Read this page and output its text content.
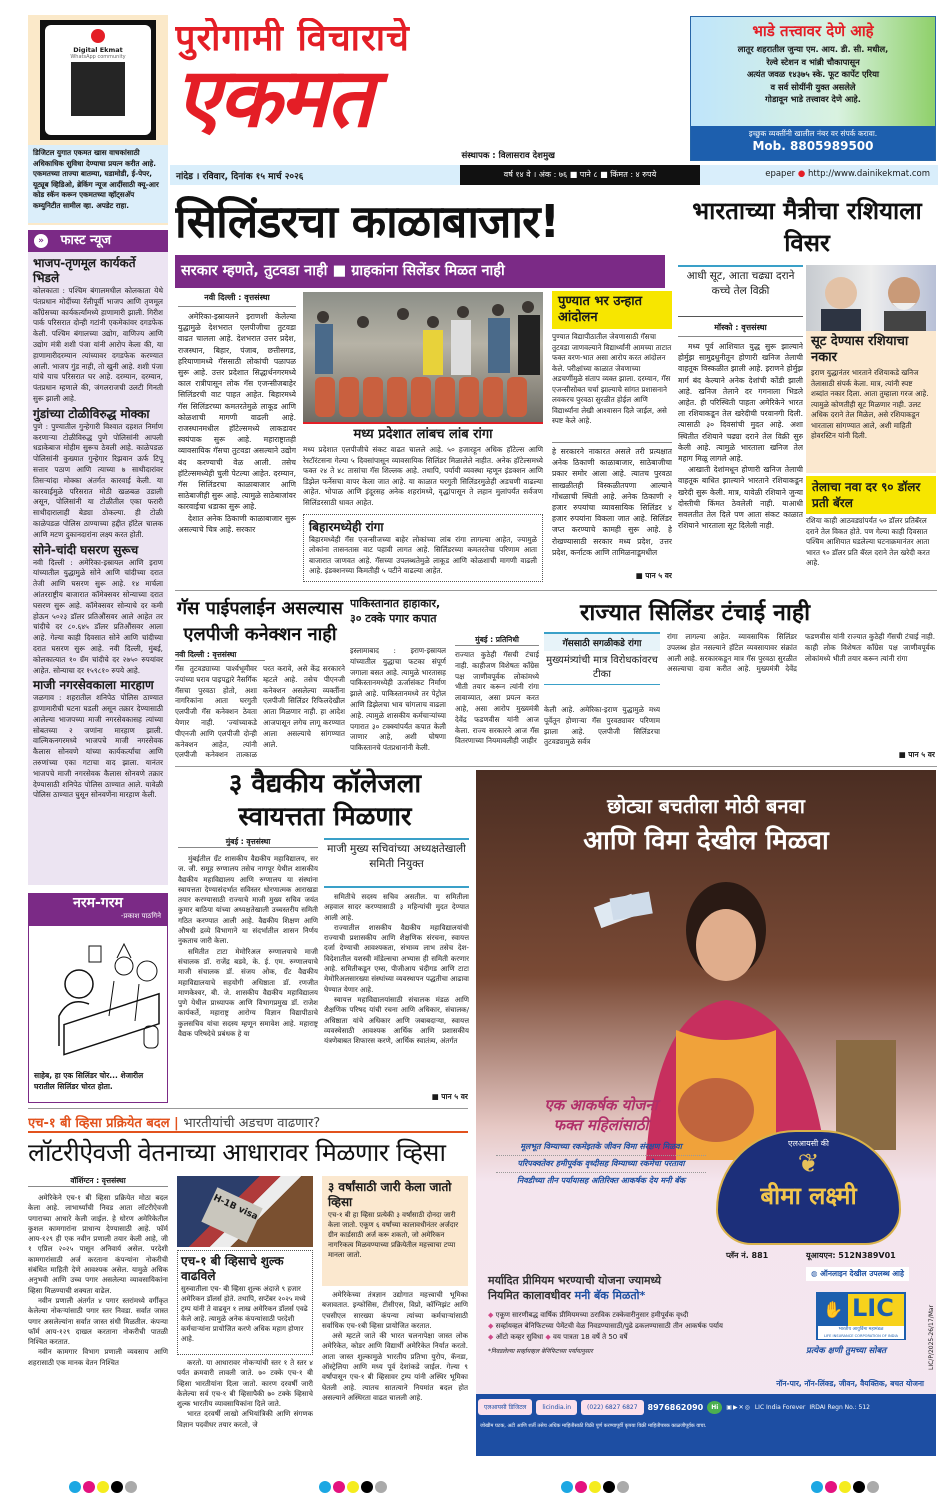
Digital Ekmat
WhatsApp community
डिजिटल युगात एकमत खास वाचकांसाठी अधिकाधिक सुविधा देण्याचा प्रयत्न करीत आहे. एकमतच्या ताज्या बातम्या, घडामोडी, ई-पेपर, यूट्यूब व्हिडिओ, ब्रेकिंग न्यूज आदींसाठी क्यू-आर कोड स्कॅन करून एकमतच्या व्हॉट्सअ‍ॅप कम्युनिटीत सामील व्हा. अपडेट राहा.
पुरोगामी विचाराचे
एकमत
संस्थापक : विलासराव देशमुख
भाडे तत्त्वावर देणे आहे
लातूर शहरातील जुन्या एम. आय. डी. सी. मधील,
रेल्वे स्टेशन व भांब्री चौकापासून
अत्यंत जवळ १४३७५ स्के. फूट कार्पेट एरिया
व सर्व सोयींनी युक्त असलेले
गोडावून भाडे तत्त्वावर देणे आहे.
इच्छुक व्यक्तींनी खालील नंबर वर संपर्क करावा.
Mob. 8805989500
नांदेड । रविवार, दिनांक १५ मार्च २०२६	वर्ष १४ वे । अंक : ७६ ■ पाने ८ ■ किंमत : ४ रुपये	epaper ● http://www.dainikekmat.com
» फास्ट न्यूज
भाजप-तृणमूल कार्यकर्ते भिडले
कोलकाता : पश्चिम बंगालमधील कोलकाता येथे पंतप्रधान मोदींच्या रॅलीपूर्वी भाजप आणि तृणमूल काँग्रेसच्या कार्यकर्त्यांमध्ये हाणामारी झाली. गिरीश पार्क परिसरात दोन्ही गटांनी एकमेकांवर दगडफेक केली. पश्चिम बंगालच्या उद्योग, वाणिज्य आणि उद्योग मंत्री शशी पंजा यांनी आरोप केला की, या हाणामारीदरम्यान त्यांच्यावर दगडफेक करण्यात आली. भाजप गुंड नाही, तो खुनी आहे. शशी पंजा यांचे याच परिसरात घर आहे. दरम्यान, दरम्यान, पंतप्रधान म्हणाले की, जंगलराजची उलटी गिनती सुरू झाली आहे.
गुंडांच्या टोळीविरुद्ध मोक्का
पुणे : पुण्यातील गुन्हेगारी विश्वात दहशत निर्माण करणाऱ्या टोळीविरुद्ध पुणे पोलिसांनी आपली धडाकेबाज मोहीम सुरूच ठेवली आहे. काळेपडळ पोलिसांनी कुख्यात गुन्हेगार रिझवान ऊर्फ टिपू सत्तार पठाण आणि त्याच्या ७ साथीदारांवर तिसऱ्यांदा मोक्का अंतर्गत कारवाई केली. या कारवाईमुळे परिसरात मोठी खळबळ उडाली असून, पोलिसांनी या टोळीतील एका फरारी साथीदारालाही बेड्या ठोकल्या. ही टोळी काळेपडळ पोलिस ठाण्याच्या हद्दीत हॉटेल चालक आणि मटण दुकानदारांना लक्ष्य करत होती.
सोने-चांदी घसरण सुरूच
नवी दिल्ली : अमेरिका-इस्रायल आणि इराण यांच्यातील युद्धामुळे सोने आणि चांदीच्या दरात तेजी आणि घसरण सुरू आहे. १४ मार्चला आंतरराष्ट्रीय बाजारात कॉमेक्सवर सोन्याच्या दरात घसरण सुरू आहे. कॉमेक्सवर सोन्याचे दर कमी होऊन ५०२३ डॉलर प्रतिऔंसवर आले आहेत तर चांदीचे दर ८०.६४५ डॉलर प्रतिऔंसवर आला आहे. गेल्या काही दिवसात सोने आणि चांदीच्या दरात घसरण सुरू आहे. नवी दिल्ली, मुंबई, कोलकात्यात १० ग्रॅम चांदीचे दर २७५० रुपयांवर आहेत. सोन्याचा दर १५९८१० रुपये आहे.
माजी नगरसेवकाला मारहाण
जळगाव : शहरातील शनिपेठ पोलिस ठाण्यात हाणामारीची घटना घडली असून तक्रार देण्यासाठी आलेल्या भाजपच्या माजी नगरसेवकासह त्यांच्या सोबतच्या २ जणांना मारहाण झाली. वाल्मिकनगरमध्ये भाजपचे माजी नगरसेवक कैलास सोनवणे यांच्या कार्यकर्त्यांचा आणि तरुणांच्या एका गटाचा वाद झाला. यानंतर भाजपचे माजी नगरसेवक कैलास सोनवणे तक्रार देण्यासाठी शनिपेठ पोलिस ठाण्यात आले. यावेळी पोलिस ठाण्यात घुसून सोनवणेंना मारहाण केली.
नरम-गरम
-प्रकाश पाठगिने
साहेब, हा एक सिलिंडर चोर... शेजारील घरातील सिलिंडर चोरत होता.
सिलिंडरचा काळाबाजार!
सरकार म्हणते, तुटवडा नाही ■ ग्राहकांना सिलेंडर मिळत नाही
नवी दिल्ली : वृत्तसंस्था

अमेरिका-इस्रायलने इराणशी केलेल्या युद्धामुळे देशभरात एलपीजीचा तुटवडा वाढत चालला आहे. देशभरात उत्तर प्रदेश, राजस्थान, बिहार, पंजाब, छत्तीसगड, हरियाणामध्ये गॅससाठी लोकांची पळापळ सुरू आहे. उत्तर प्रदेशात सिद्धार्थनगरमध्ये काल रात्रीपासून लोक गॅस एजन्सीजबाहेर सिलिंडरची वाट पाहत आहेत. बिहारमध्ये गॅस सिलिंडरच्या कमतरतेमुळे लाकूड आणि कोळशाची मागणी वाढली आहे. राजस्थानमधील हॉटेल्समध्ये लाकडावर स्वयंपाक सुरू आहे. महाराष्ट्रातही व्यावसायिक गॅसचा तुटवडा असल्याने उद्योग बंद करण्याची वेळ आली. तसेच हॉटेल्समध्येही चुली पेटल्या आहेत. दरम्यान, गॅस सिलिंडरचा काळाबाजार आणि साठेबाजीही सुरू आहे. त्यामुळे साठेबाजांवर कारवाईचा धडाका सुरू आहे.

देशात अनेक ठिकाणी काळाबाजार सुरू असल्याचे चित्र आहे. सरकार

मध्य प्रदेशात लांबच लांब रांगा
मध्य प्रदेशात एलपीजीचे संकट वाढत चालले आहे. ५० हजारहून अधिक हॉटेल्स आणि रेस्टॉरंटसना गेल्या ५ दिवसांपासून व्यावसायिक सिलिंडर मिळालेले नाहीत. अनेक हॉटेल्समध्ये फक्त २४ ते ४८ तासांचा गॅस शिल्लक आहे. तथापि, पर्यायी व्यवस्था म्हणून इंडक्शन आणि डिझेल फर्नेसचा वापर केला जात आहे. या काळात घरगुती सिलिंडरमुळेही अडचणी वाढल्या आहेत. भोपाळ आणि इंदूरसह अनेक शहरांमध्ये, वृद्धांपासून ते लहान मुलांपर्यंत सर्वजण सिलिंडरसाठी धावत आहेत.
बिहारमध्येही रांगा
बिहारमध्येही गॅस एजन्सीजच्या बाहेर लोकांच्या लांब रांगा लागल्या आहेत, ज्यामुळे लोकांना तासनतास वाट पहावी लागत आहे. सिलिंडरच्या कमतरतेचा परिणाम आता बाजारात जाणवत आहे. गॅसच्या उपलब्धतेमुळे लाकूड आणि कोळशाची मागणी वाढली आहे. इंडक्शनच्या किमतीही ५ पटीने वाढल्या आहेत.
पुण्यात भर उन्हात आंदोलन
पुण्यात विद्यापीठातील जेवणासाठी गॅसचा तुटवडा जाणवल्याने विद्यार्थ्यांनी आमच्या ताटात फक्त वरण-भात असा आरोप करत आंदोलन केले. परीक्षांच्या काळात जेवणाच्या अडचणींमुळे संताप व्यक्त झाला. दरम्यान, गॅस एजन्सीसोबत चर्चा झाल्याचे सांगत प्रशासनाने लवकरच पुरवठा सुरळीत होईल आणि विद्यार्थ्यांना लेखी आश्वासन दिले जाईल, असे स्पष्ट केले आहे.
हे सरकारने नाकारत असले तरी प्रत्यक्षात अनेक ठिकाणी काळाबाजार, साठेबाजीचा प्रकार समोर आला आहे. त्यातच पुरवठा साखळीतही विस्कळीतपणा आल्याने गोंधळाची स्थिती आहे. अनेक ठिकाणी २ हजार रुपयांचा व्यावसायिक सिलिंडर ४ हजार रुपयांना विकला जात आहे. सिलिंडर जप्त करण्याचे कामही सुरू आहे. हे रोखण्यासाठी सरकार मध्य प्रदेश, उत्तर प्रदेश, कर्नाटक आणि तामिळनाडूमधील
■ पान ५ वर
भारताच्या मैत्रीचा रशियाला विसर
आधी सूट, आता चढ्या दराने कच्चे तेल विक्री
मॉस्को : वृत्तसंस्था

मध्य पूर्व आशियात युद्ध सुरू झाल्याने होर्मुझ सामुद्रधुनीतून होणारी खनिज तेलाची वाहतूक विस्कळीत झाली आहे. इराणने होर्मुझ मार्ग बंद केल्याने अनेक देशांची कोंडी झाली आहे. खनिज तेलाने दर गगनाला भिडले आहेत. ही परिस्थिती पाहता अमेरिकेने भारत ला रशियाकडून तेल खरेदीची परवानगी दिली. त्यासाठी ३० दिवसांची मुदत आहे. अशा स्थितीत रशियाने चढ्या दराने तेल विक्री सुरु केली आहे. त्यामुळे भारताला खनिज तेल महाग मिळू लागले आहे.

आखाती देशांमधून होणारी खनिज तेलाची वाहतूक बाधित झाल्याने भारताने रशियाकडून खरेदी सुरू केली. मात्र, यावेळी रशियाने जुन्या दोस्तीची किंमत ठेवलेली नाही. याआधी सवलतीत तेल दिले पण आता संकट काळात रशियाने भारताला सूट दिलेली नाही.

सूट देण्यास रशियाचा नकार
इराण युद्धानंतर भारताने रशियाकडे खनिज तेलासाठी संपर्क केला. मात्र, त्यांनी स्पष्ट शब्दांत नकार दिला. आता तुम्हाला गरज आहे. त्यामुळे कोणतीही सूट मिळणार नाही. उलट अधिक दराने तेल मिळेल, असे रशियाकडून भारताला सांगण्यात आले, अशी माहिती होवरस्टिन यांनी दिली.
तेलाचा नवा दर ९० डॉलर प्रती बॅरल
रशिया काही आठवड्यांपर्यंत ५० डॉलर प्रतिबॅरल दराने तेल विकत होते. पण गेल्या काही दिवसात पश्चिम आशियात घडलेल्या घटनाक्रमानंतर आता भारत ९० डॉलर प्रति बॅरल दराने तेल खरेदी करत आहे.
गॅस पाईपलाईन असल्यास एलपीजी कनेक्शन नाही
नवी दिल्ली : वृत्तसंस्था
गॅस तुटवड्याच्या पार्श्वभूमीवर ज्यांच्या घराव पाइपद्वारे नैसर्गिक गॅसचा पुरवठा होतो, अशा नागरिकांना आता घरगुती एलपीजी गॅस कनेक्शन ठेवता येणार नाही. 'ज्यांच्याकडे पीएनजी आणि एलपीजी दोन्ही कनेक्शन आहेत, त्यांनी एलपीजी कनेक्शन तात्काळ परत करावे, असे केंद्र सरकारने म्हटले आहे. तसेच पीएनजी कनेक्शन असलेल्या व्यक्तींना एलपीजी सिलिंडर रिफिलदेखील आता मिळणार नाही. हा आदेश आजपासून लगेच लागू करण्यात आला असल्याचे सांगण्यात आले.
पाकिस्तानात हाहाकार, ३० टक्के पगार कपात
इस्लामाबाद : इराण-इस्रायल यांच्यातील युद्धाचा फटका संपूर्ण जगाला बसत आहे. त्यामुळे भारतासह पाकिस्तानमध्येही ऊर्जासंकट निर्माण झाले आहे. पाकिस्तानमध्ये तर पेट्रोल आणि डिझेलचा भाव चांगलाच वाढला आहे. त्यामुळे शासकीय कर्मचाऱ्यांच्या पगारात ३० टक्क्यांपर्यंत कपात केली जाणार आहे, अशी घोषणा पाकिस्तानचे पंतप्रधानांनी केली.
राज्यात सिलिंडर टंचाई नाही
मुंबई : प्रतिनिधी
राज्यात कुठेही गॅसची टंचाई नाही. काहीजण विशेषतः काँग्रेस पक्ष जाणीवपूर्वक लोकांमध्ये भीती तयार करून त्यांनी रांगा लावाव्यात, असा प्रयत्न करत आहे, असा आरोप मुख्यमंत्री देवेंद्र फडणवीस यांनी आज केला. राज्य सरकारने आज गॅस वितरणाच्या नियमावलीही जाहीर
गॅससाठी सगळीकडे रांगा
मुख्यमंत्र्यांची मात्र विरोधकांवरच टीका
केली आहे. अमेरिका-इराण युद्धामुळे मध्य पूर्वेतून होणाऱ्या गॅस पुरवठ्यावर परिणाम झाला आहे. एलपीजी सिलिंडरचा तुटवड्यामुळे सर्वत्र
रांगा लागल्या आहेत. व्यावसायिक सिलिंडर उपलब्ध होत नसल्याने हॉटेल व्यवसायावर संक्रांत आली आहे. सरकारकडून मात्र गॅस पुरवठा सुरळीत असल्याचा दावा करीत आहे. मुख्यमंत्री देवेंद्र फडणवीस यांनी राज्यात कुठेही गॅसची टंचाई नाही. काही लोक विशेषतः काँग्रेस पक्ष जाणीवपूर्वक लोकांमध्ये भीती तयार करून त्यांनी रांगा
■ पान ५ वर
३ वैद्यकीय कॉलेजला स्वायत्तता मिळणार
मुंबई : वृत्तसंस्था

मुंबईतील ग्रँट शासकीय वैद्यकीय महाविद्यालय, सर ज. जी. समूह रुग्णालय तसेच नागपूर येथील शासकीय वैद्यकीय महाविद्यालय आणि रुग्णालय या संस्थांना स्वायत्तता देण्यासंदर्भात सविस्तर धोरणात्मक आराखडा तयार करण्यासाठी राज्याचे माजी मुख्य सचिव जयंत कुमार बाठिया यांच्या अध्यक्षतेखाली उच्चस्तरीय समिती गठित करण्यात आली आहे. वैद्यकीय शिक्षण आणि औषधी द्रव्ये विभागाने या संदर्भातील शासन निर्णय नुकताच जारी केला.

समितीत टाटा मेमोरिअल रुग्णालयाचे माजी संचालक डॉ. राजेंद्र बडवे, के. ई. एम. रुग्णालयाचे माजी संचालक डॉ. संजय ओक, ग्रँट वैद्यकीय महाविद्यालयाचे सहयोगी अधिष्ठाता डॉ. रणजीत माणकेश्वर, बी. जे. शासकीय वैद्यकीय महाविद्यालय पुणे येथील प्राध्यापक आणि विभागप्रमुख डॉ. राजेश कार्यकर्ते, महाराष्ट्र आरोग्य विज्ञान विद्यापीठाचे कुलसचिव यांचा सदस्य म्हणून समावेश आहे. महाराष्ट्र वैद्यक परिषदेचे प्रबंधक हे या

माजी मुख्य सचिवांच्या अध्यक्षतेखाली समिती नियुक्त

समितीचे सदस्य सचिव असतील. या समितीला अहवाल सादर करण्यासाठी ३ महिन्यांची मुदत देण्यात आली आहे.

राज्यातील शासकीय वैद्यकीय महाविद्यालयांची राज्याची प्रशासकीय आणि शैक्षणिक संरचना, स्वायत्त दर्जा देण्याची आवश्यकता, संभाव्य लाभ तसेच देश-विदेशातील यशस्वी मॉडेल्सचा अभ्यास ही समिती करणार आहे. समितीकडून एम्स, पीजीआय चंदीगड आणि टाटा मेमोरिअलसारख्या संस्थांच्या व्यवस्थापन पद्धतीचा आढावा घेण्यात येणार आहे.

स्वायत्त महाविद्यालयांसाठी संचालक मंडळ आणि शैक्षणिक परिषद यांची रचना आणि अधिकार, संचालक/अधिष्ठाता यांचे अधिकार आणि जबाबदाऱ्या, स्वायत्त व्यवस्थेसाठी आवश्यक आर्थिक आणि प्रशासकीय यंत्रणेबाबत शिफारस करणे, आर्थिक स्वातंत्र्य, अंतर्गत

■ पान ५ वर
एच-१ बी व्हिसा प्रक्रियेत बदल | भारतीयांची अडचण वाढणार?
लॉटरीऐवजी वेतनाच्या आधारावर मिळणार व्हिसा
वॉशिंग्टन : वृत्तसंस्था

अमेरिकेने एच-१ बी व्हिसा प्रक्रियेत मोठा बदल केला आहे. लाभार्थ्यांची निवड आता लॉटरीऐवजी पगाराच्या आधारे केली जाईल. हे धोरण अमेरिकेतील कुशल कामगारांना प्राधान्य देण्यासाठी आहे. फॉर्म आय-१२९ ही एक नवीन प्रणाली तयार केली आहे, जी १ एप्रिल २०२५ पासून अनिवार्य असेल. परदेशी कामगारांसाठी अर्ज करताना कंपन्यांना नोकरीची संबंधित माहिती देणे आवश्यक असेल. यामुळे अधिक अनुभवी आणि उच्च पगार असलेल्या व्यावसायिकांना व्हिसा मिळण्याची शक्यता वाढेल.

नवीन प्रणाली अंतर्गत ४ पगार स्तरांमध्ये वर्गीकृत केलेल्या नोकऱ्यांसाठी पगार स्तर निवडा. सर्वात जास्त पगार असलेल्यांना सर्वात जास्त संधी मिळतील. कंपन्या फॉर्म आय-१२९ दाखल करताना नोकरीची पातळी निश्चित करतात.

नवीन कामगार विभाग प्रणाली व्यवसाय आणि शहरासाठी एक मानक वेतन निश्चित

H-1B visa
एच-१ बी व्हिसाचे शुल्क वाढविले
सुरुवातीला एच- बी व्हिसा शुल्क अंदाजे ९ हजार अमेरिकन डॉलर्स होते. तथापि, सप्टेंबर २०२५ मध्ये ट्रम्प यांनी ते वाढवून १ लाख अमेरिकन डॉलर्स एवढे केले आहे. त्यामुळे अनेक कंपन्यांसाठी परदेशी कर्मचाऱ्यांना प्रायोजित करणे अधिक महाग होणार आहे.

करतो. या आधारावर नोकऱ्यांची स्तर १ ते स्तर ४ पर्यंत क्रमवारी लावली जाते. ७० टक्के एच-१ बी व्हिसा भारतीयांना दिला जातो. कारण दरवर्षी जारी केलेल्या सर्व एच-१ बी व्हिसापैकी ७० टक्के व्हिसाचे शुल्क भारतीय व्यावसायिकांना दिले जाते.

भारत दरवर्षी लाखो अभियांत्रिकी आणि संगणक विज्ञान पदवीधर तयार करतो, जे

३ वर्षांसाठी जारी केला जातो व्हिसा
एच-१ बी हा व्हिसा प्रत्येकी ३ वर्षांसाठी दोनदा जारी केला जातो. एकूण ६ वर्षांच्या कालावधीनंतर अर्जदार ग्रीन कार्डसाठी अर्ज करू शकतो, जो अमेरिकन नागरिकत्व मिळवण्याच्या प्रक्रियेतील महत्त्वाचा टप्पा मानला जातो.

अमेरिकेच्या तंत्रज्ञान उद्योगात महत्त्वाची भूमिका बजावतात. इन्फोसिस, टीसीएस, विप्रो, कॉग्निझंट आणि एचसीएल सारख्या कंपन्या त्यांच्या कर्मचाऱ्यांसाठी सर्वाधिक एच-१बी व्हिसा प्रायोजित करतात.

असे म्हटले जाते की भारत चलनापेक्षा जास्त लोक अमेरिकेत, कोडर आणि विद्यार्थी अमेरिकेत निर्यात करतो. आता जास्त शुल्कामुळे भारतीय प्रतिभा युरोप, कॅनडा, ऑस्ट्रेलिया आणि मध्य पूर्व देशांकडे जाईल. गेल्या ९ वर्षांपासून एच-१ बी व्हिसावर ट्रम्प यांनी अस्थिर भूमिका घेतली आहे. त्यातच सातत्याने नियमांत बदल होत असल्याने अस्थिरता वाढत चालली आहे.

छोट्या बचतीला मोठी बनवा
आणि विमा देखील मिळवा
एक आकर्षक योजना
फक्त महिलांसाठी
मूलभूत विम्याच्या रकमेइतके जीवन विमा संरक्षण मिळवा
परिपक्वतेवर हमीपूर्वक वृध्दीसह विम्याच्या रकमेचा परतावा
निवडीच्या तीन पर्यायासह अतिरिक्त आकर्षक देय मनी बॅक
एलआयसी की
❦
बीमा लक्ष्मी
प्लॅन नं. 881	यूआयएन: 512N389V01
◍ ऑनलाइन देखील उपलब्ध आहे
मर्यादित प्रीमियम भरण्याची योजना ज्यामध्ये
नियमित कालावधीवर मनी बॅक मिळतो*
◆ एकूण सारणीबद्ध वार्षिक प्रीमियमच्या ठराविक टक्केवारीनुसार हमीपूर्वक वृध्दी
◆ सर्व्हायव्हल बेनिफिटच्या पेमेंटची वेळ निवडण्यासाठी/पुढे ढकलण्यासाठी तीन आकर्षक पर्याय
◆ ऑटो कव्हर सुविधा ◆ वय पात्रता 18 वर्षे ते 50 वर्षे
*निवडलेल्या सर्व्हायव्हल बेनिफिटच्या पर्यायानुसार
✋ LIC
भारतीय आयुर्विमा महामंडळ
LIFE INSURANCE CORPORATION OF INDIA
प्रत्येक क्षणी तुमच्या सोबत
नॉन-पार, नॉन-लिंक्ड, जीवन, वैयक्तिक, बचत योजना
LIC/P/2025-26/17/Mar
एलआयसी डिजिटल	licindia.in	(022) 6827 6827	8976862090	Hi	▣▶✕◎ LIC India Forever IRDAI Regn No.: 512
जोखीम घटक, अटी आणि शर्ती तसेच अधिक माहितीसाठी विक्री पूर्ण करण्यापूर्वी कृपया विक्री माहितीपत्रक काळजीपूर्वक वाचा.
